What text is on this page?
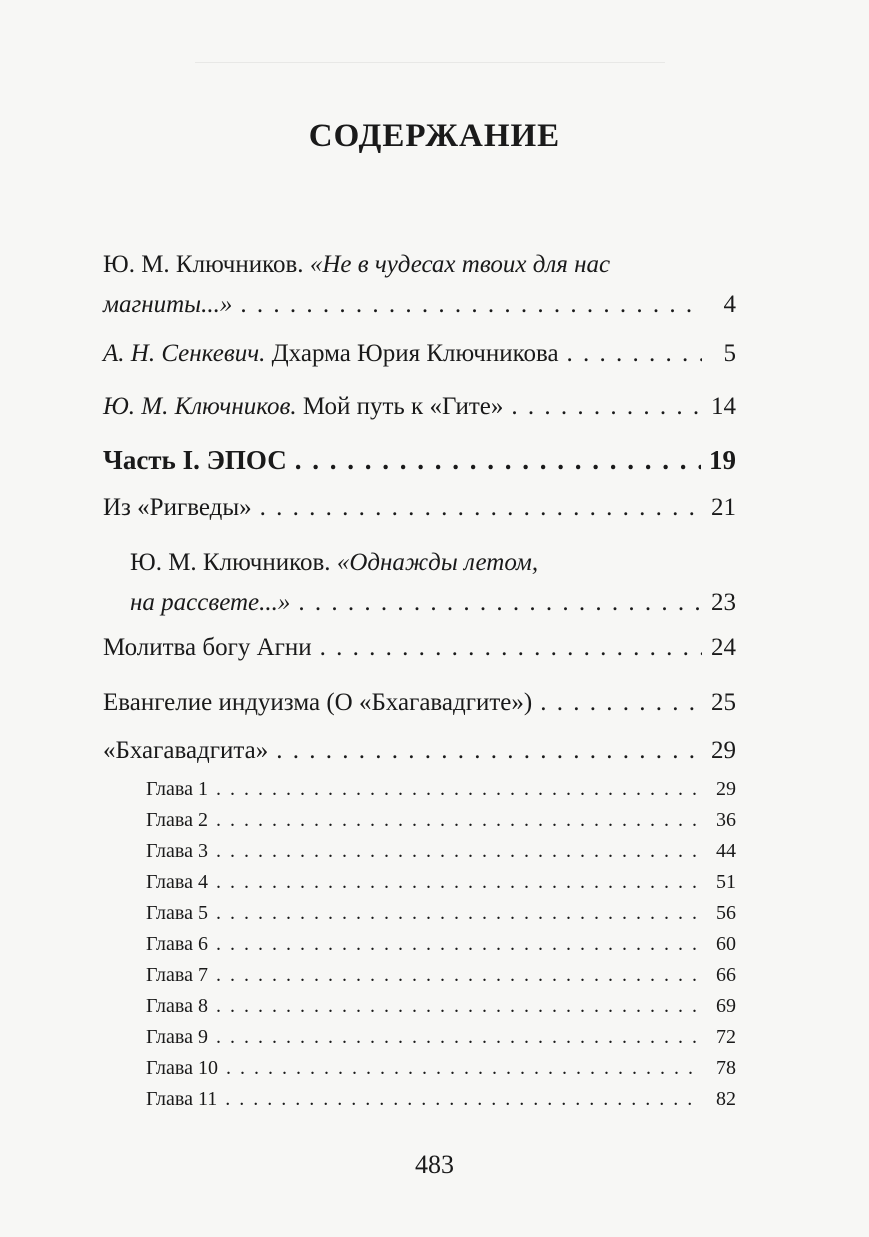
СОДЕРЖАНИЕ
Ю. М. Ключников.
«Не в чудесах твоих для нас
магниты...» . . .	4
А. Н. Сенкевич.
Дхарма Юрия Ключникова . . .	5
Ю. М. Ключников.
Мой путь к «Гите» . . .	14
Часть I. ЭПОС . . .	19
Из «Ригведы» . . .	21
Ю. М. Ключников.
«Однажды летом,
на рассвете...» . . .	23
Молитва богу Агни . . .	24
Евангелие индуизма (О «Бхагавадгите») . . .	25
«Бхагавадгита» . . .	29
Глава 1 . . .	29
Глава 2 . . .	36
Глава 3 . . .	44
Глава 4 . . .	51
Глава 5 . . .	56
Глава 6 . . .	60
Глава 7 . . .	66
Глава 8 . . .	69
Глава 9 . . .	72
Глава 10 . . .	78
Глава 11 . . .	82
483
